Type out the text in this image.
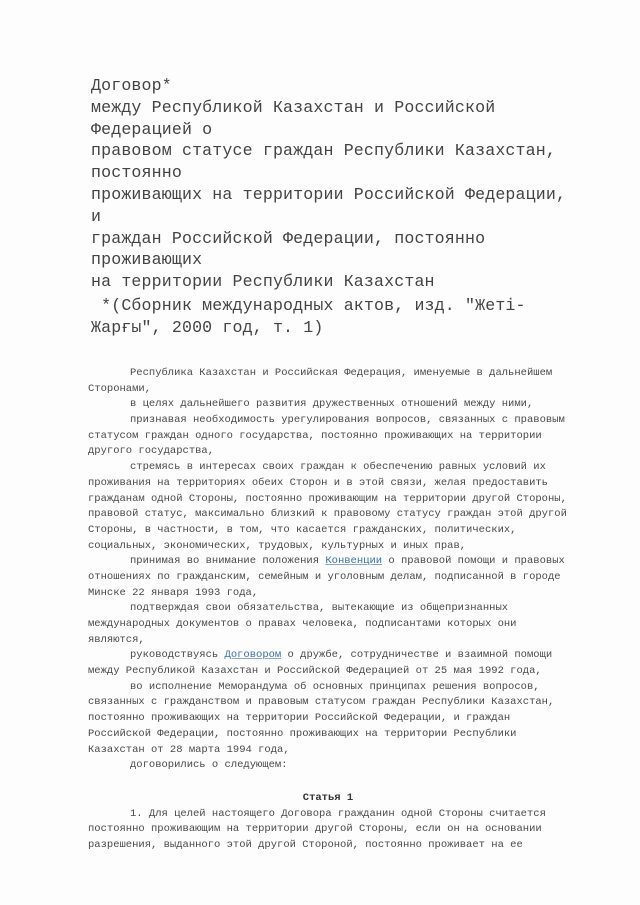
Договор*
между Республикой Казахстан и Российской
Федерацией о
правовом статусе граждан Республики Казахстан,
постоянно
проживающих на территории Российской Федерации,
и
граждан Российской Федерации, постоянно
проживающих
на территории Республики Казахстан
*(Сборник международных актов, изд. "Жеті-
Жарғы", 2000 год, т. 1)
Республика Казахстан и Российская Федерация, именуемые в дальнейшем
Сторонами,
в целях дальнейшего развития дружественных отношений между ними,
признавая необходимость урегулирования вопросов, связанных с правовым
статусом граждан одного государства, постоянно проживающих на территории
другого государства,
стремясь в интересах своих граждан к обеспечению равных условий их
проживания на территориях обеих Сторон и в этой связи, желая предоставить
гражданам одной Стороны, постоянно проживающим на территории другой Стороны,
правовой статус, максимально близкий к правовому статусу граждан этой другой
Стороны, в частности, в том, что касается гражданских, политических,
социальных, экономических, трудовых, культурных и иных прав,
принимая во внимание положения Конвенции о правовой помощи и правовых
отношениях по гражданским, семейным и уголовным делам, подписанной в городе
Минске 22 января 1993 года,
подтверждая свои обязательства, вытекающие из общепризнанных
международных документов о правах человека, подписантами которых они
являются,
руководствуясь Договором о дружбе, сотрудничестве и взаимной помощи
между Республикой Казахстан и Российской Федерацией от 25 мая 1992 года,
во исполнение Меморандума об основных принципах решения вопросов,
связанных с гражданством и правовым статусом граждан Республики Казахстан,
постоянно проживающих на территории Российской Федерации, и граждан
Российской Федерации, постоянно проживающих на территории Республики
Казахстан от 28 марта 1994 года,
договорились о следующем:
Статья 1
1. Для целей настоящего Договора гражданин одной Стороны считается
постоянно проживающим на территории другой Стороны, если он на основании
разрешения, выданного этой другой Стороной, постоянно проживает на ее
